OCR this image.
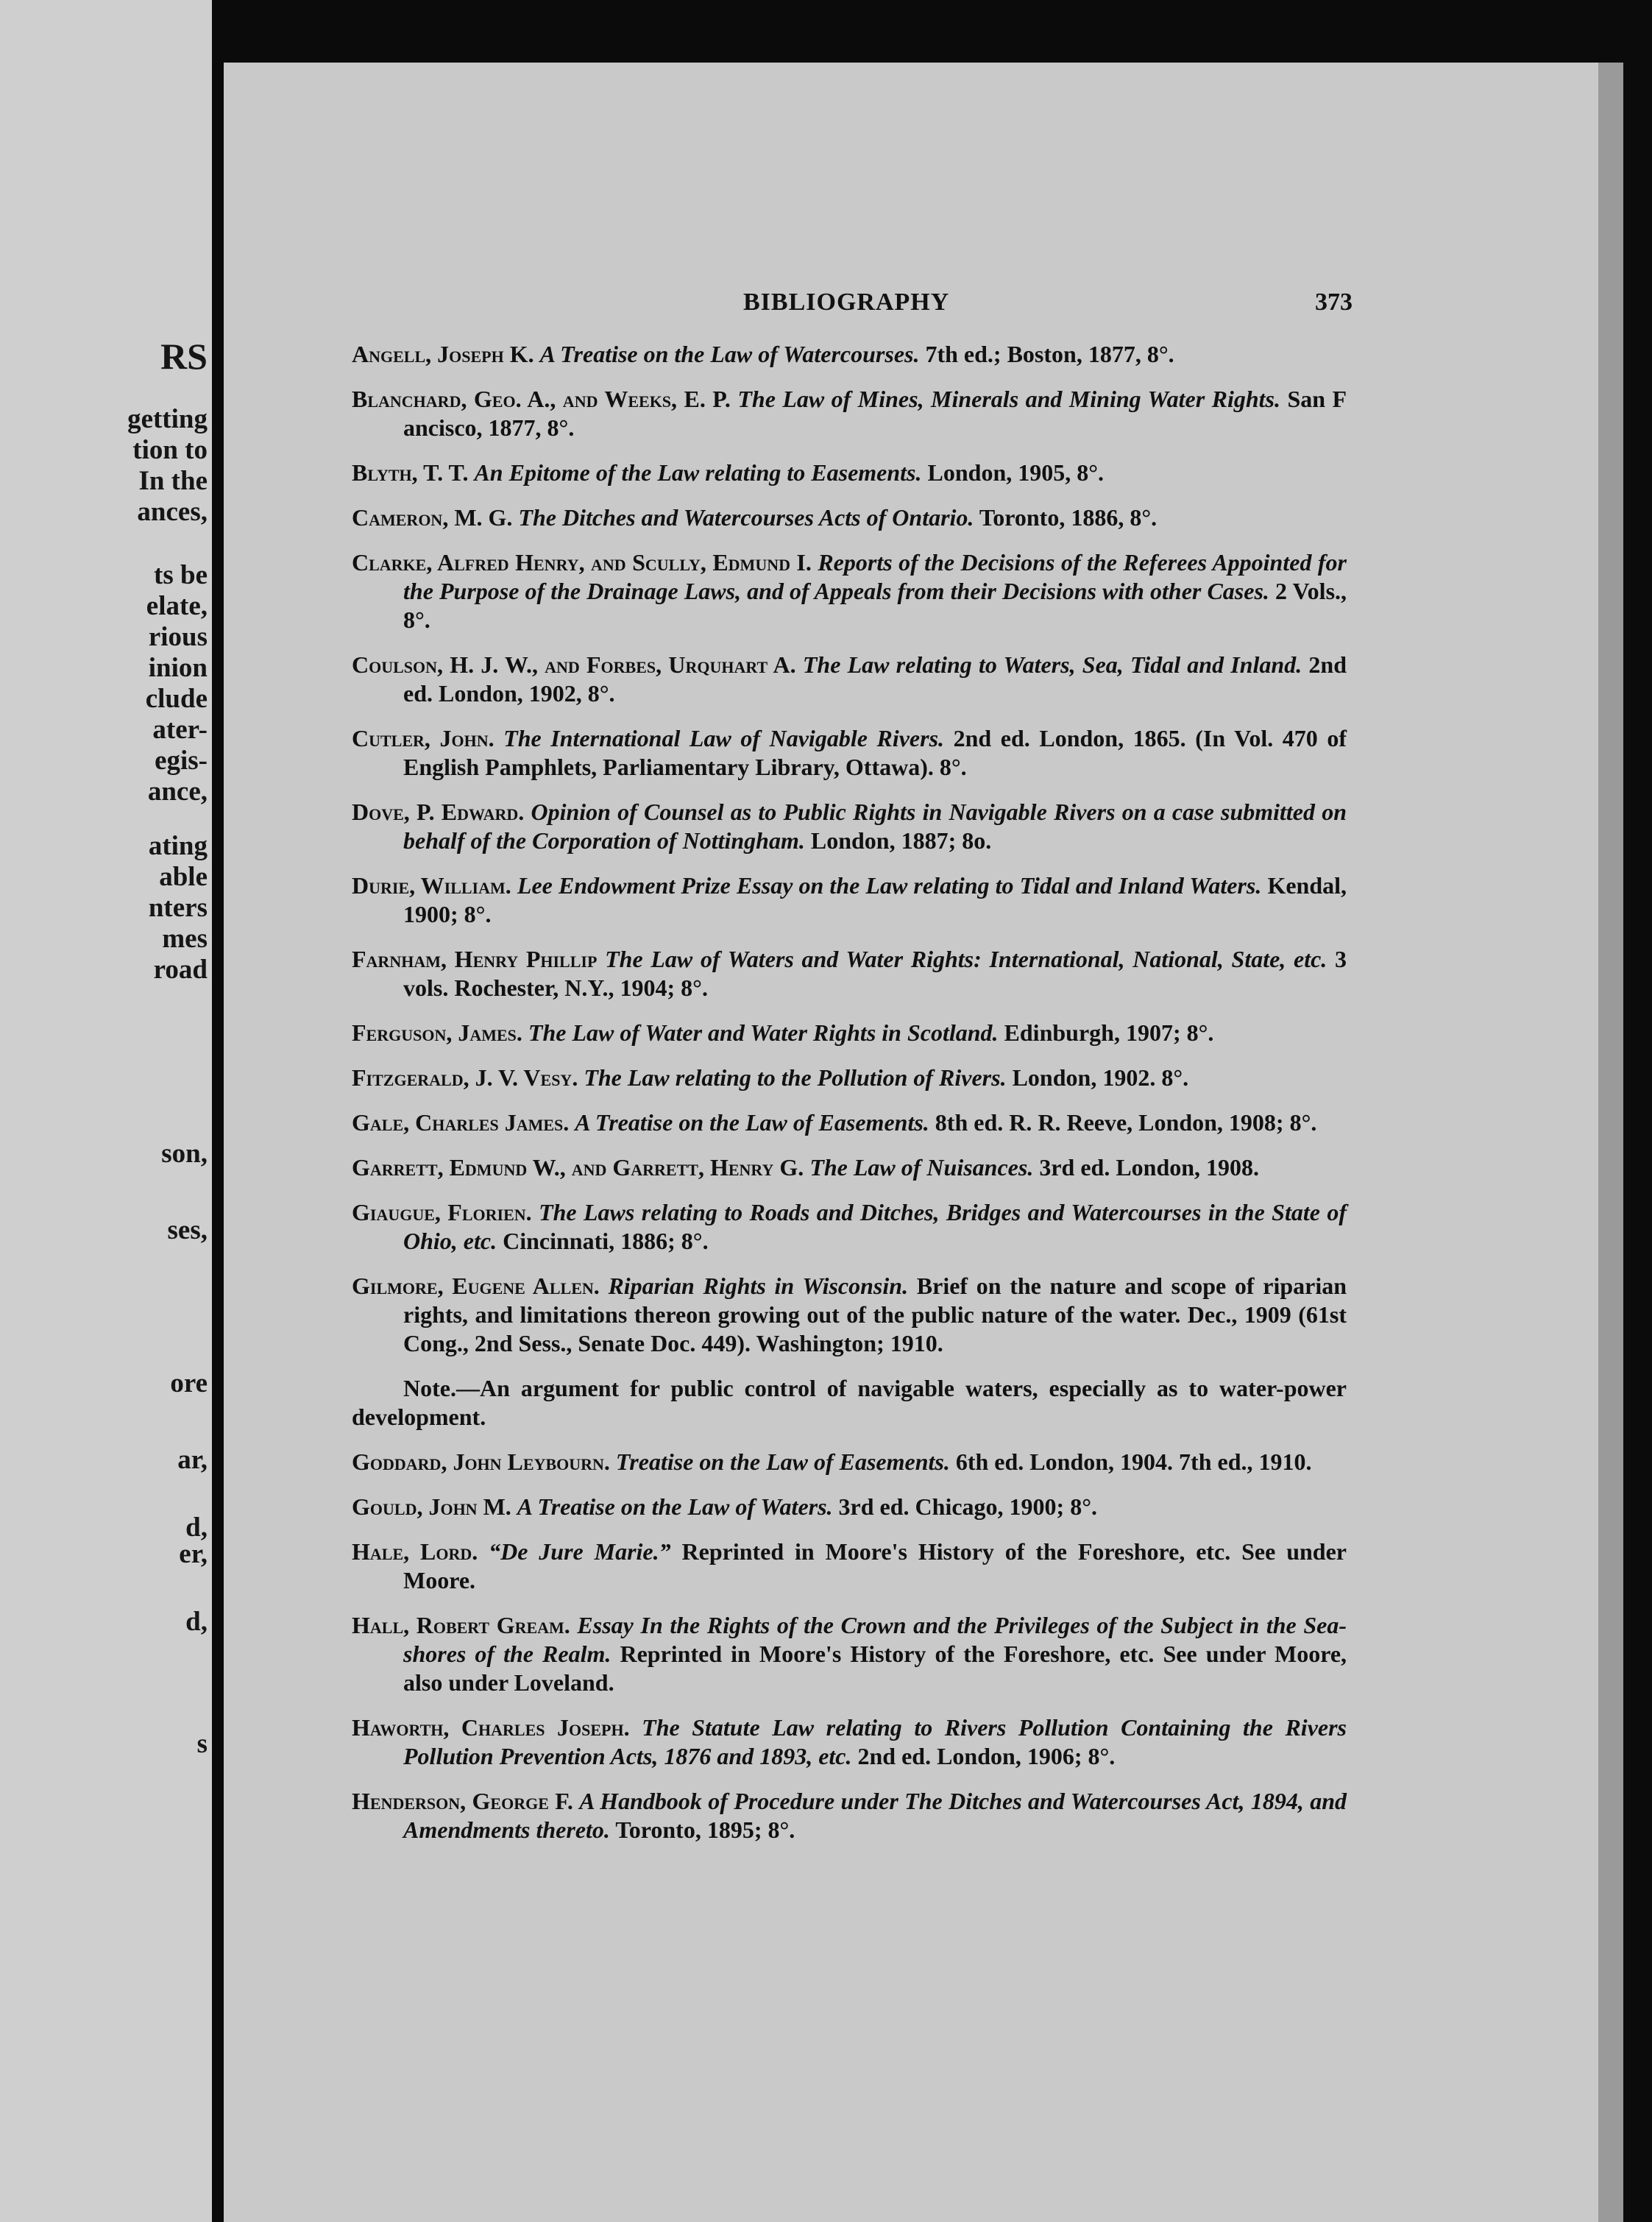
RS
getting
tion to
In the
ances,
ts be
elate,
rious
inion
clude
ater-
egis-
ance,
ating
able
nters
mes
road
son,
ses,
ore
ar,
d,
er,
d,
s
BIBLIOGRAPHY	373
Angell, Joseph K. A Treatise on the Law of Watercourses. 7th ed.; Boston, 1877, 8°.
Blanchard, Geo. A., and Weeks, E. P. The Law of Mines, Minerals and Mining Water Rights. San F ancisco, 1877, 8°.
Blyth, T. T. An Epitome of the Law relating to Easements. London, 1905, 8°.
Cameron, M. G. The Ditches and Watercourses Acts of Ontario. Toronto, 1886, 8°.
Clarke, Alfred Henry, and Scully, Edmund I. Reports of the Decisions of the Referees Appointed for the Purpose of the Drainage Laws, and of Appeals from their Decisions with other Cases. 2 Vols., 8°.
Coulson, H. J. W., and Forbes, Urquhart A. The Law relating to Waters, Sea, Tidal and Inland. 2nd ed. London, 1902, 8°.
Cutler, John. The International Law of Navigable Rivers. 2nd ed. London, 1865. (In Vol. 470 of English Pamphlets, Parliamentary Library, Ottawa). 8°.
Dove, P. Edward. Opinion of Counsel as to Public Rights in Navigable Rivers on a case submitted on behalf of the Corporation of Nottingham. London, 1887; 8o.
Durie, William. Lee Endowment Prize Essay on the Law relating to Tidal and Inland Waters. Kendal, 1900; 8°.
Farnham, Henry Phillip The Law of Waters and Water Rights: International, National, State, etc. 3 vols. Rochester, N.Y., 1904; 8°.
Ferguson, James. The Law of Water and Water Rights in Scotland. Edinburgh, 1907; 8°.
Fitzgerald, J. V. Vesy. The Law relating to the Pollution of Rivers. London, 1902. 8°.
Gale, Charles James. A Treatise on the Law of Easements. 8th ed. R. R. Reeve, London, 1908; 8°.
Garrett, Edmund W., and Garrett, Henry G. The Law of Nuisances. 3rd ed. London, 1908.
Giaugue, Florien. The Laws relating to Roads and Ditches, Bridges and Watercourses in the State of Ohio, etc. Cincinnati, 1886; 8°.
Gilmore, Eugene Allen. Riparian Rights in Wisconsin. Brief on the nature and scope of riparian rights, and limitations thereon growing out of the public nature of the water. Dec., 1909 (61st Cong., 2nd Sess., Senate Doc. 449). Washington; 1910.
Note.—An argument for public control of navigable waters, especially as to water-power development.
Goddard, John Leybourn. Treatise on the Law of Easements. 6th ed. London, 1904. 7th ed., 1910.
Gould, John M. A Treatise on the Law of Waters. 3rd ed. Chicago, 1900; 8°.
Hale, Lord. “De Jure Marie.” Reprinted in Moore's History of the Foreshore, etc. See under Moore.
Hall, Robert Gream. Essay In the Rights of the Crown and the Privileges of the Subject in the Sea-shores of the Realm. Reprinted in Moore's History of the Foreshore, etc. See under Moore, also under Loveland.
Haworth, Charles Joseph. The Statute Law relating to Rivers Pollution Containing the Rivers Pollution Prevention Acts, 1876 and 1893, etc. 2nd ed. London, 1906; 8°.
Henderson, George F. A Handbook of Procedure under The Ditches and Watercourses Act, 1894, and Amendments thereto. Toronto, 1895; 8°.
